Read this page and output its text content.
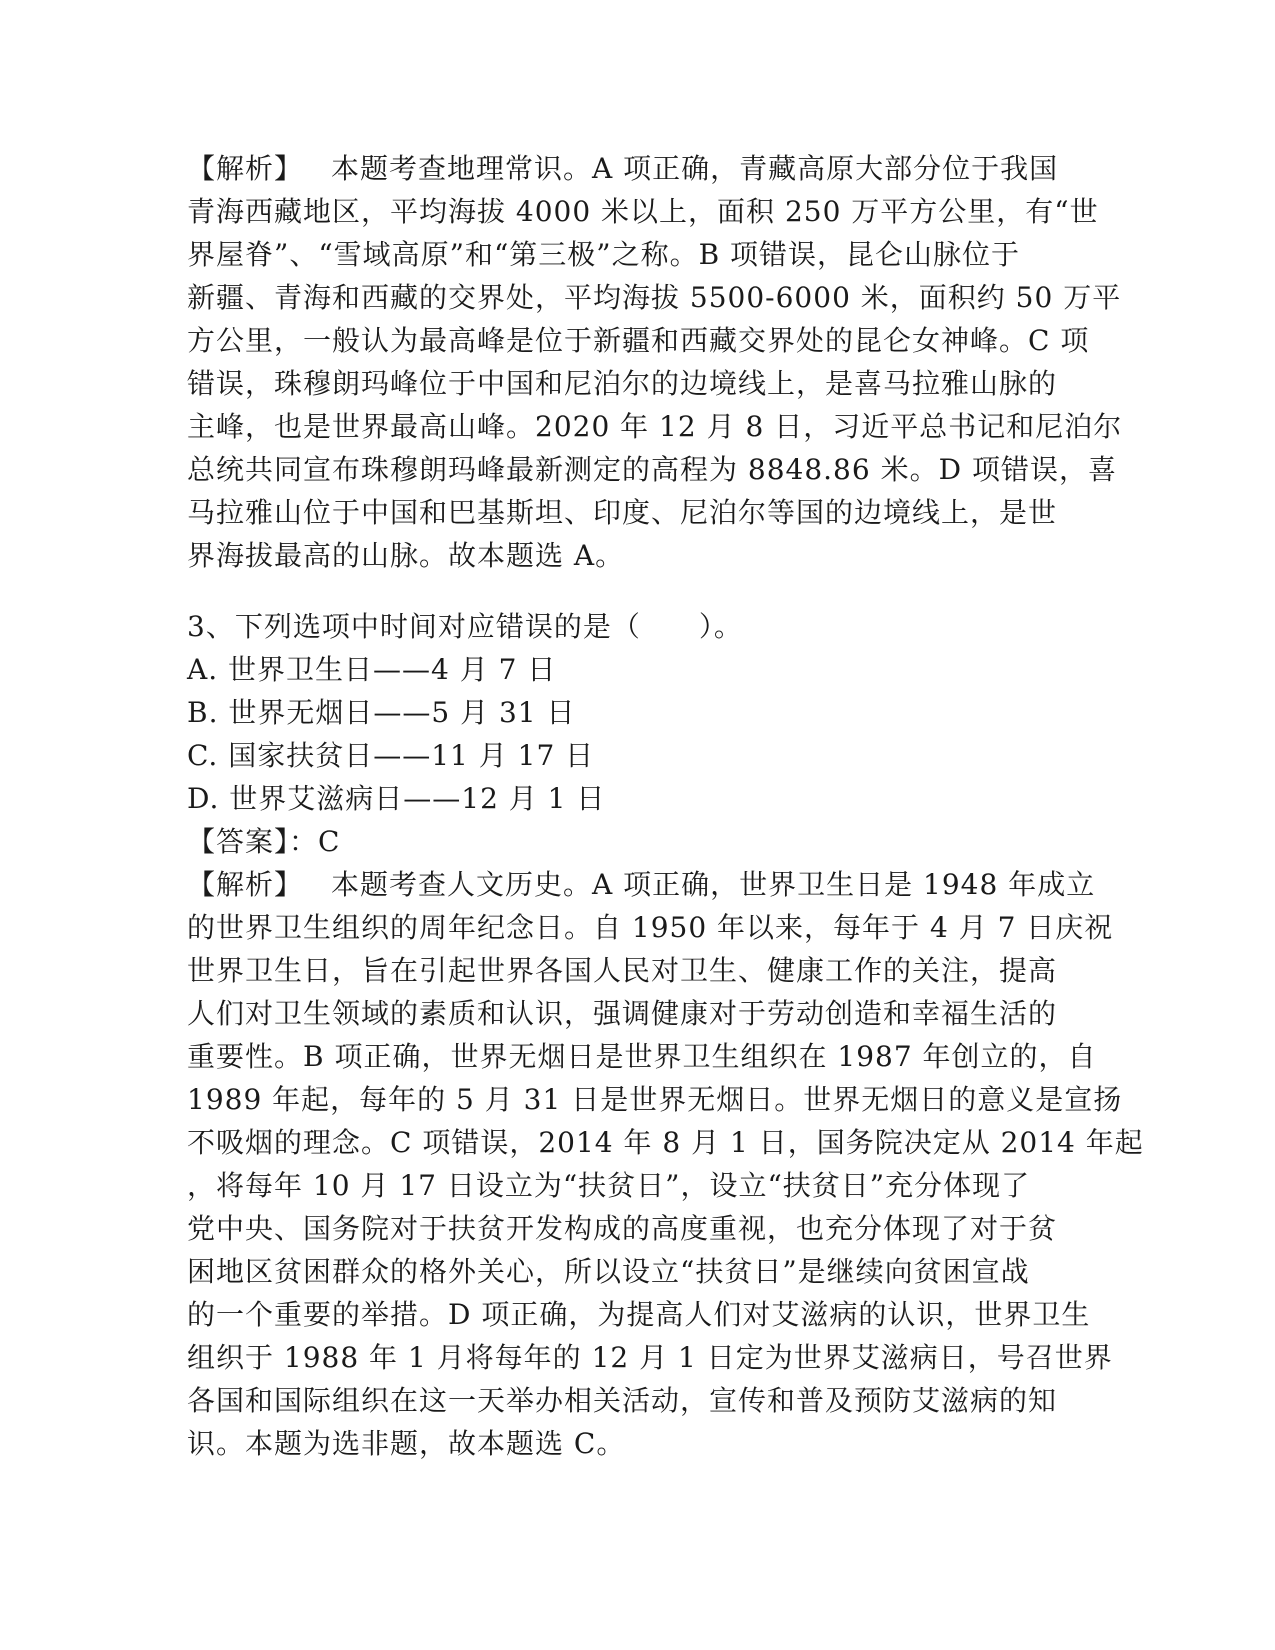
【解析】 本题考查地理常识。A 项正确，青藏高原大部分位于我国
青海西藏地区，平均海拔 4000 米以上，面积 250 万平方公里，有“世
界屋脊”、“雪域高原”和“第三极”之称。B 项错误，昆仑山脉位于
新疆、青海和西藏的交界处，平均海拔 5500-6000 米，面积约 50 万平
方公里，一般认为最高峰是位于新疆和西藏交界处的昆仑女神峰。C 项
错误，珠穆朗玛峰位于中国和尼泊尔的边境线上，是喜马拉雅山脉的
主峰，也是世界最高山峰。2020 年 12 月 8 日，习近平总书记和尼泊尔
总统共同宣布珠穆朗玛峰最新测定的高程为 8848.86 米。D 项错误，喜
马拉雅山位于中国和巴基斯坦、印度、尼泊尔等国的边境线上，是世
界海拔最高的山脉。故本题选 A。
3、下列选项中时间对应错误的是（　　）。
A. 世界卫生日——4 月 7 日
B. 世界无烟日——5 月 31 日
C. 国家扶贫日——11 月 17 日
D. 世界艾滋病日——12 月 1 日
【答案】：C
【解析】 本题考查人文历史。A 项正确，世界卫生日是 1948 年成立
的世界卫生组织的周年纪念日。自 1950 年以来，每年于 4 月 7 日庆祝
世界卫生日，旨在引起世界各国人民对卫生、健康工作的关注，提高
人们对卫生领域的素质和认识，强调健康对于劳动创造和幸福生活的
重要性。B 项正确，世界无烟日是世界卫生组织在 1987 年创立的，自
1989 年起，每年的 5 月 31 日是世界无烟日。世界无烟日的意义是宣扬
不吸烟的理念。C 项错误，2014 年 8 月 1 日，国务院决定从 2014 年起
，将每年 10 月 17 日设立为“扶贫日”，设立“扶贫日”充分体现了
党中央、国务院对于扶贫开发构成的高度重视，也充分体现了对于贫
困地区贫困群众的格外关心，所以设立“扶贫日”是继续向贫困宣战
的一个重要的举措。D 项正确，为提高人们对艾滋病的认识，世界卫生
组织于 1988 年 1 月将每年的 12 月 1 日定为世界艾滋病日，号召世界
各国和国际组织在这一天举办相关活动，宣传和普及预防艾滋病的知
识。本题为选非题，故本题选 C。
